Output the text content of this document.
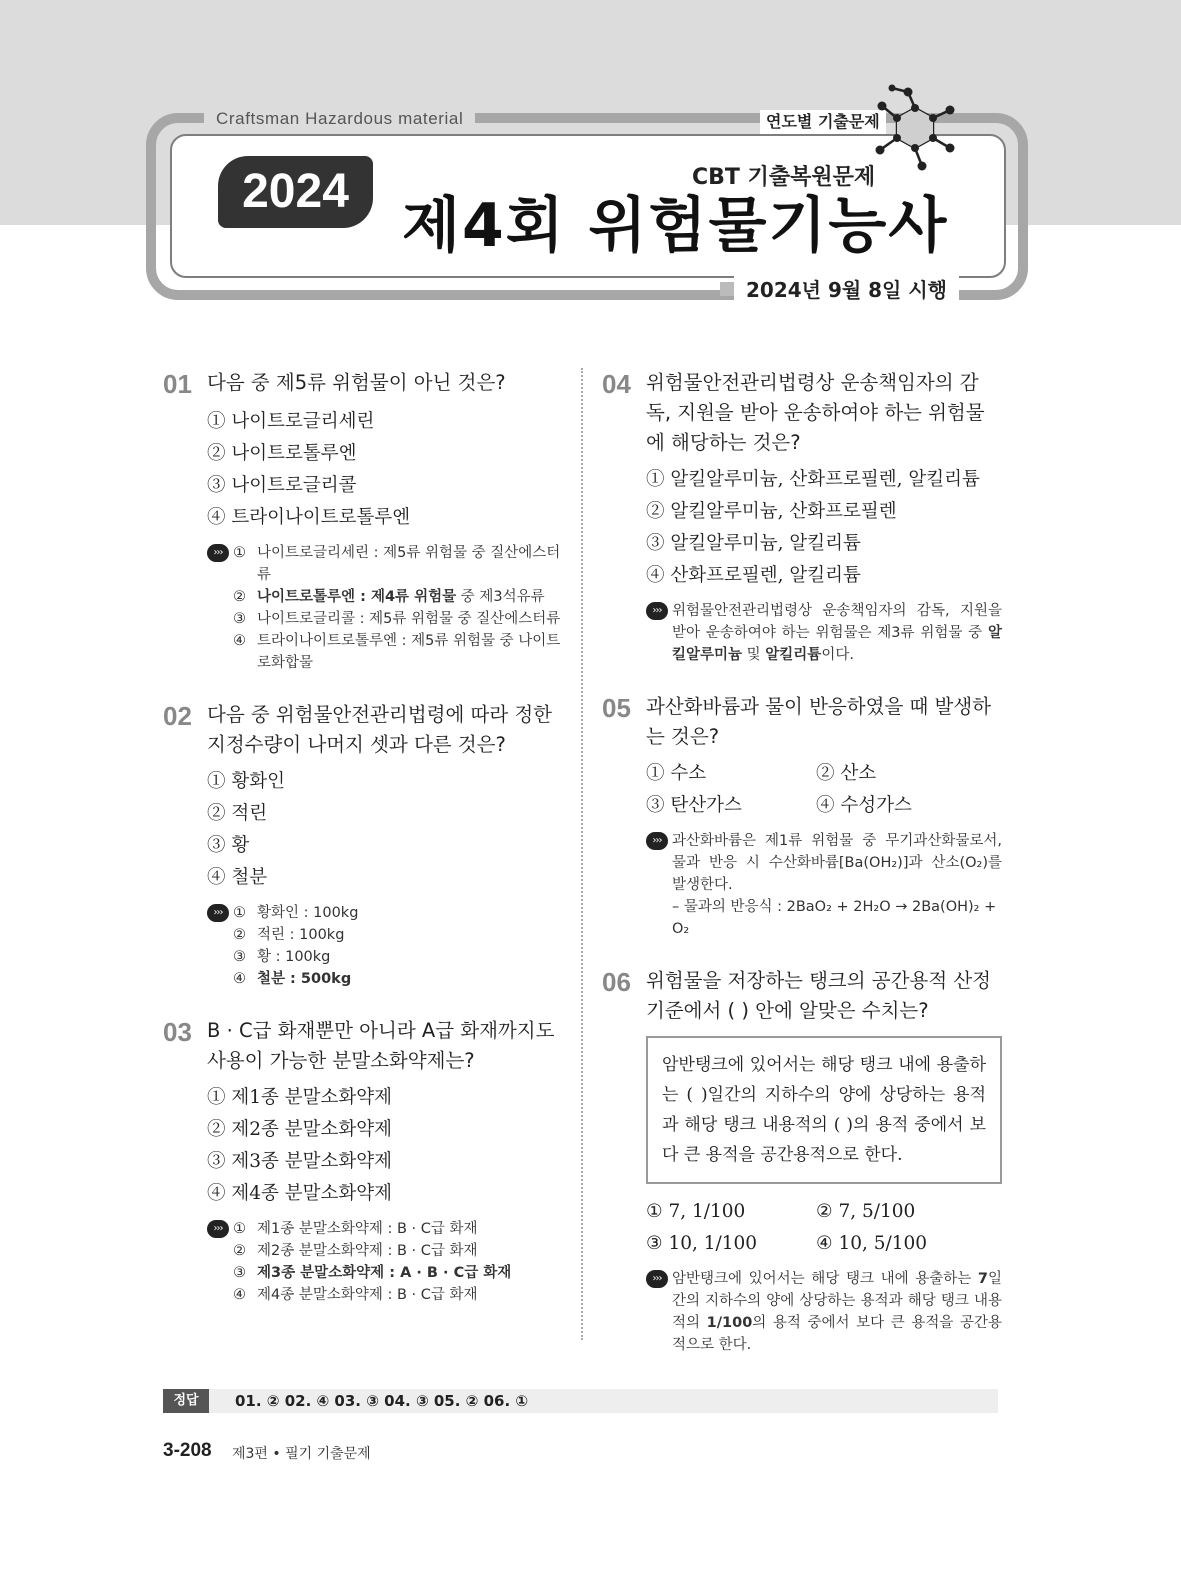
Craftsman Hazardous material	연도별 기출문제
2024	CBT 기출복원문제
제4회 위험물기능사
2024년 9월 8일 시행
01 다음 중 제5류 위험물이 아닌 것은?
① 나이트로글리세린
② 나이트로톨루엔
③ 나이트로글리콜
④ 트라이나이트로톨루엔
››› ① 나이트로글리세린 : 제5류 위험물 중 질산에스터류
② 나이트로톨루엔 : 제4류 위험물 중 제3석유류
③ 나이트로글리콜 : 제5류 위험물 중 질산에스터류
④ 트라이나이트로톨루엔 : 제5류 위험물 중 나이트로화합물
02 다음 중 위험물안전관리법령에 따라 정한 지정수량이 나머지 셋과 다른 것은?
① 황화인
② 적린
③ 황
④ 철분
››› ① 황화인 : 100kg
② 적린 : 100kg
③ 황 : 100kg
④ 철분 : 500kg
03 B · C급 화재뿐만 아니라 A급 화재까지도 사용이 가능한 분말소화약제는?
① 제1종 분말소화약제
② 제2종 분말소화약제
③ 제3종 분말소화약제
④ 제4종 분말소화약제
››› ① 제1종 분말소화약제 : B · C급 화재
② 제2종 분말소화약제 : B · C급 화재
③ 제3종 분말소화약제 : A · B · C급 화재
④ 제4종 분말소화약제 : B · C급 화재
04 위험물안전관리법령상 운송책임자의 감독, 지원을 받아 운송하여야 하는 위험물에 해당하는 것은?
① 알킬알루미늄, 산화프로필렌, 알킬리튬
② 알킬알루미늄, 산화프로필렌
③ 알킬알루미늄, 알킬리튬
④ 산화프로필렌, 알킬리튬
››› 위험물안전관리법령상 운송책임자의 감독, 지원을 받아 운송하여야 하는 위험물은 제3류 위험물 중 알킬알루미늄 및 알킬리튬이다.
05 과산화바륨과 물이 반응하였을 때 발생하는 것은?
① 수소	② 산소
③ 탄산가스	④ 수성가스
››› 과산화바륨은 제1류 위험물 중 무기과산화물로서, 물과 반응 시 수산화바륨[Ba(OH₂)]과 산소(O₂)를 발생한다.
– 물과의 반응식 : 2BaO₂ + 2H₂O → 2Ba(OH)₂ + O₂
06 위험물을 저장하는 탱크의 공간용적 산정 기준에서 ( ) 안에 알맞은 수치는?
암반탱크에 있어서는 해당 탱크 내에 용출하는 ( )일간의 지하수의 양에 상당하는 용적과 해당 탱크 내용적의 ( )의 용적 중에서 보다 큰 용적을 공간용적으로 한다.
① 7, 1/100	② 7, 5/100
③ 10, 1/100	④ 10, 5/100
››› 암반탱크에 있어서는 해당 탱크 내에 용출하는 7일간의 지하수의 양에 상당하는 용적과 해당 탱크 내용적의 1/100의 용적 중에서 보다 큰 용적을 공간용적으로 한다.
정답	01. ② 02. ④ 03. ③ 04. ③ 05. ② 06. ①
3-208 제3편 • 필기 기출문제
